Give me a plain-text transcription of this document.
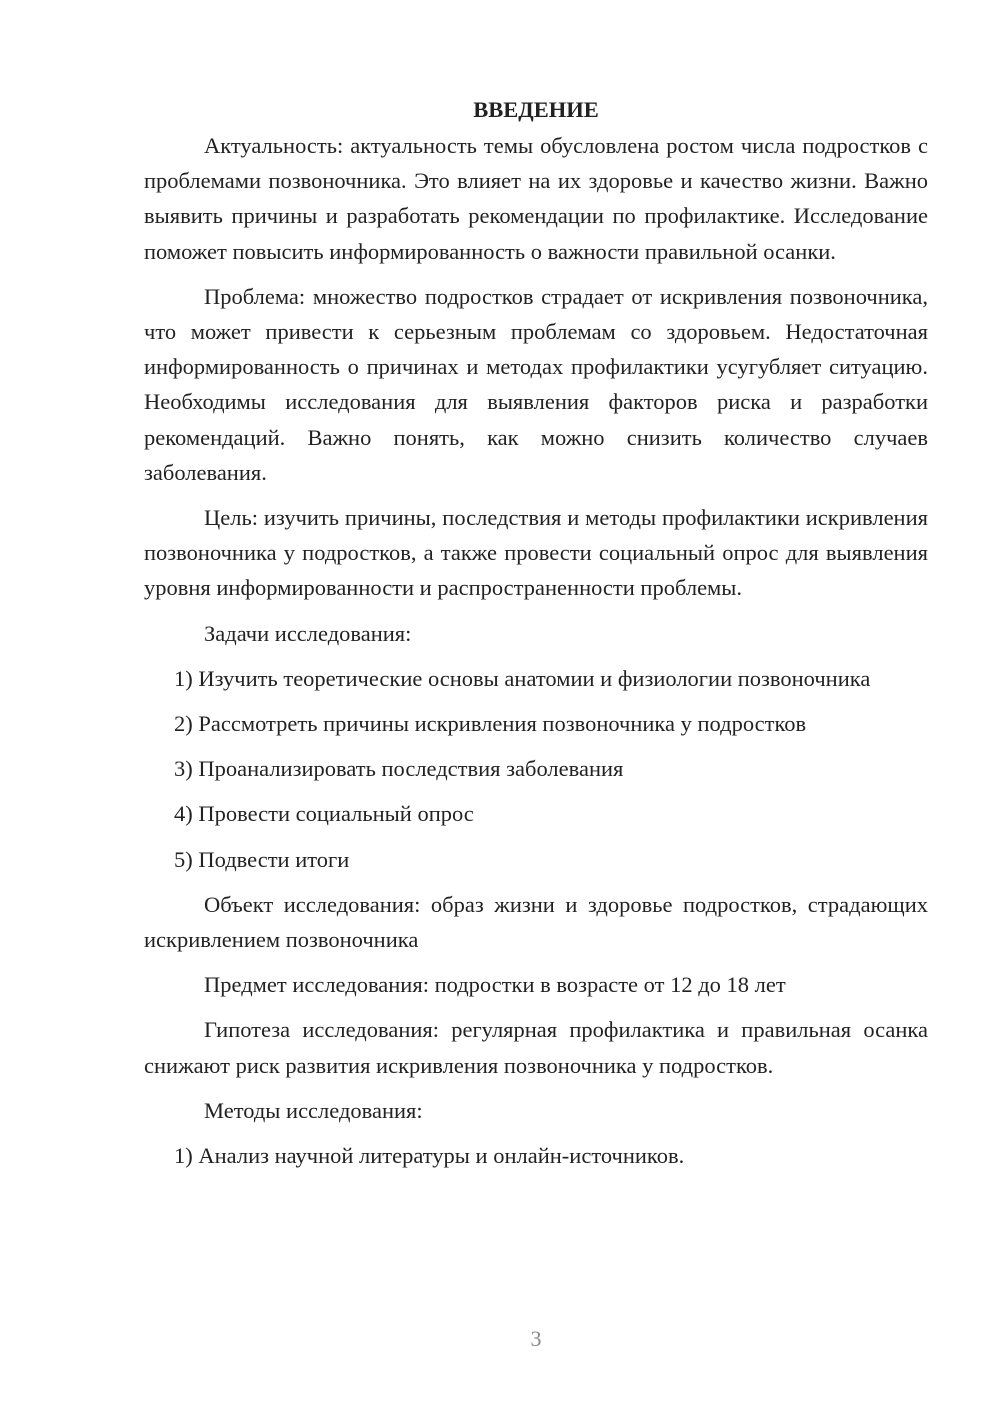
ВВЕДЕНИЕ

Актуальность: актуальность темы обусловлена ростом числа подростков с проблемами позвоночника. Это влияет на их здоровье и качество жизни. Важно выявить причины и разработать рекомендации по профилактике. Исследование поможет повысить информированность о важности правильной осанки.

Проблема: множество подростков страдает от искривления позвоночника, что может привести к серьезным проблемам со здоровьем. Недостаточная информированность о причинах и методах профилактики усугубляет ситуацию. Необходимы исследования для выявления факторов риска и разработки рекомендаций. Важно понять, как можно снизить количество случаев заболевания.

Цель: изучить причины, последствия и методы профилактики искривления позвоночника у подростков, а также провести социальный опрос для выявления уровня информированности и распространенности проблемы.

Задачи исследования:

1) Изучить теоретические основы анатомии и физиологии позвоночника

2) Рассмотреть причины искривления позвоночника у подростков

3) Проанализировать последствия заболевания

4) Провести социальный опрос

5) Подвести итоги

Объект исследования: образ жизни и здоровье подростков, страдающих искривлением позвоночника

Предмет исследования: подростки в возрасте от 12 до 18 лет

Гипотеза исследования: регулярная профилактика и правильная осанка снижают риск развития искривления позвоночника у подростков.

Методы исследования:

1) Анализ научной литературы и онлайн-источников.

3
